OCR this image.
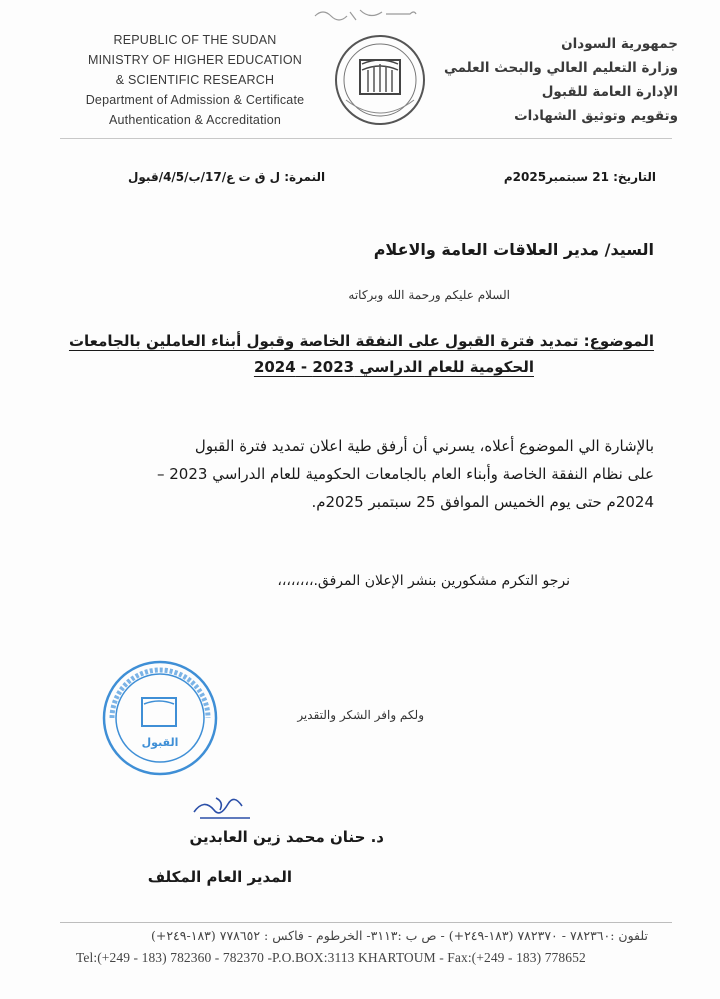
REPUBLIC OF THE SUDAN
MINISTRY OF HIGHER EDUCATION
& SCIENTIFIC RESEARCH
Department of Admission & Certificate
Authentication & Accreditation
جمهورية السودان
وزارة التعليم العالي والبحث العلمي
الإدارة العامة للقبول
وتقويم وتوثيق الشهادات
التاريخ: 21 سبتمبر2025م
النمرة: ل ق ت ع/17/ب/4/5/قبول
السيد/ مدير العلاقات العامة والاعلام
السلام عليكم ورحمة الله وبركاته
الموضوع: تمديد فترة القبول على النفقة الخاصة وقبول أبناء العاملين بالجامعات
الحكومية للعام الدراسي 2023 - 2024
بالإشارة الي الموضوع أعلاه، يسرني أن أرفق طية اعلان تمديد فترة القبول
على نظام النفقة الخاصة وأبناء العام بالجامعات الحكومية للعام الدراسي 2023 –
2024م حتى يوم الخميس الموافق 25 سبتمبر 2025م.
نرجو التكرم مشكورين بنشر الإعلان المرفق.،،،،،،،،
القبول
ولكم وافر الشكر والتقدير
د. حنان محمد زين العابدين
المدير العام المكلف
تلفون :٧٨٢٣٦٠ - ٧٨٢٣٧٠ (١٨٣-٢٤٩+) - ص ب :٣١١٣- الخرطوم - فاكس : ٧٧٨٦٥٢ (١٨٣-٢٤٩+)
Tel:(+249 - 183) 782360 - 782370 -P.O.BOX:3113 KHARTOUM - Fax:(+249 - 183) 778652
